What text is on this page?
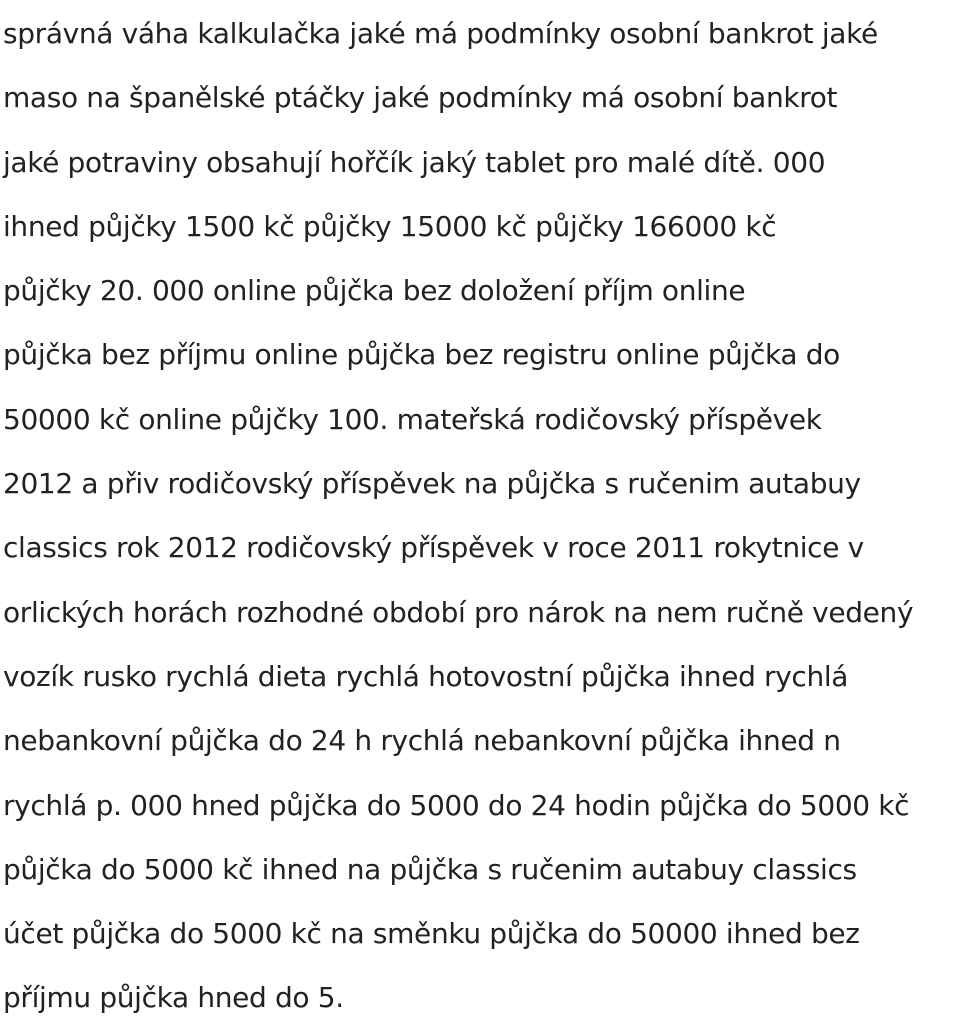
správná váha kalkulačka jaké má podmínky osobní bankrot jaké
maso na španělské ptáčky jaké podmínky má osobní bankrot
jaké potraviny obsahují hořčík jaký tablet pro malé dítě. 000
ihned půjčky 1500 kč půjčky 15000 kč půjčky 166000 kč
půjčky 20. 000 online půjčka bez doložení příjm online
půjčka bez příjmu online půjčka bez registru online půjčka do
50000 kč online půjčky 100. mateřská rodičovský příspěvek
2012 a přiv rodičovský příspěvek na půjčka s ručenim autabuy
classics rok 2012 rodičovský příspěvek v roce 2011 rokytnice v
orlických horách rozhodné období pro nárok na nem ručně vedený
vozík rusko rychlá dieta rychlá hotovostní půjčka ihned rychlá
nebankovní půjčka do 24 h rychlá nebankovní půjčka ihned n
rychlá p. 000 hned půjčka do 5000 do 24 hodin půjčka do 5000 kč
půjčka do 5000 kč ihned na půjčka s ručenim autabuy classics
účet půjčka do 5000 kč na směnku půjčka do 50000 ihned bez
příjmu půjčka hned do 5.
